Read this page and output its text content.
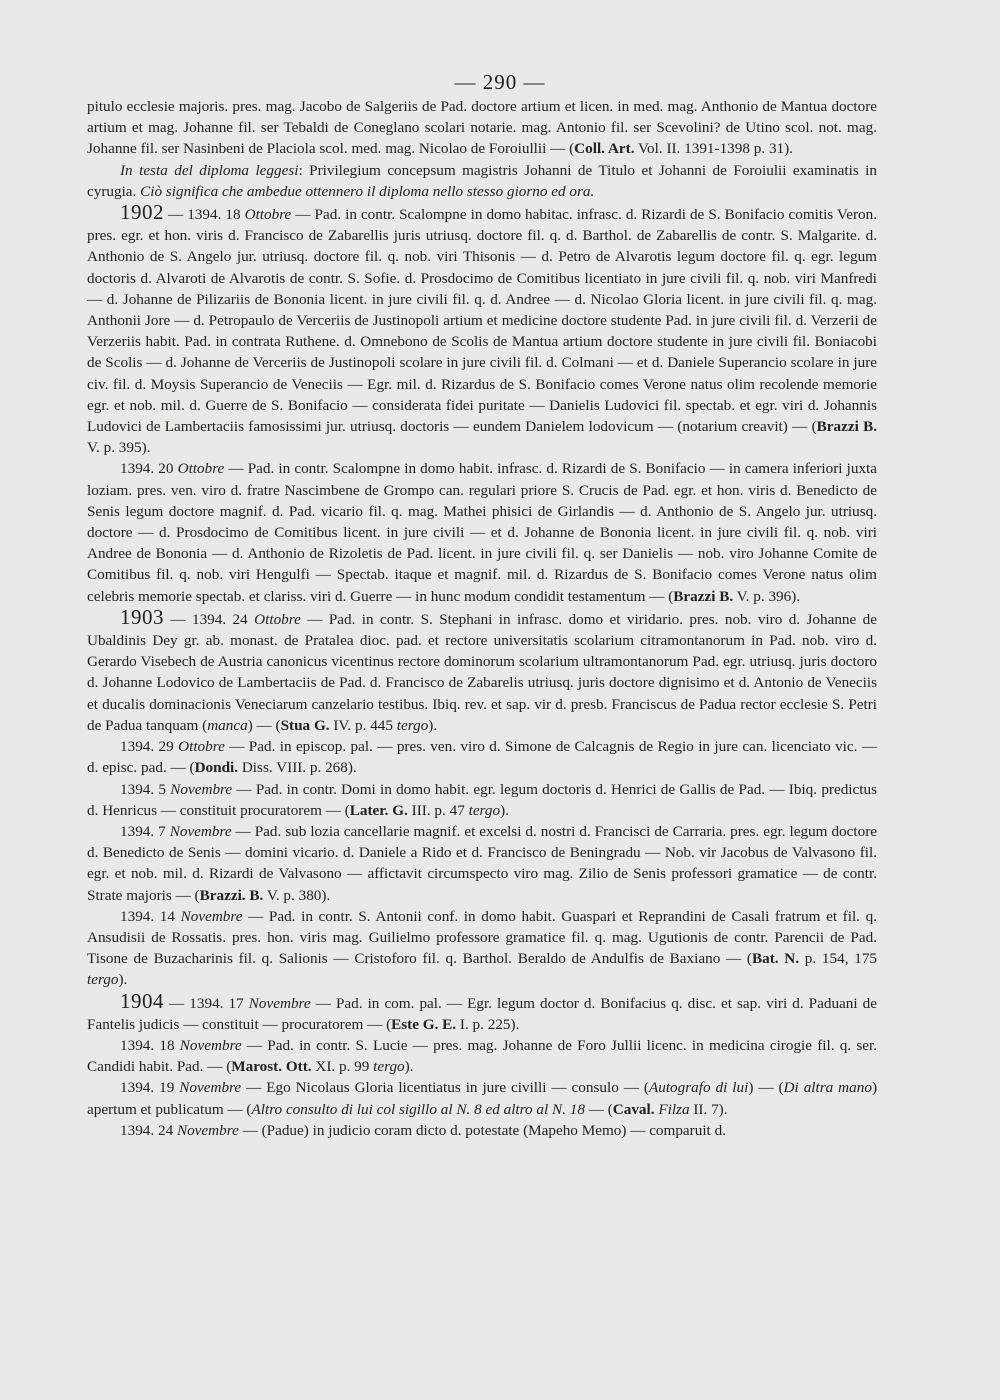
— 290 —

pitulo ecclesie majoris. pres. mag. Jacobo de Salgeriis de Pad. doctore artium et licen. in med. mag. Anthonio de Mantua doctore artium et mag. Johanne fil. ser Tebaldi de Coneglano scolari notarie. mag. Antonio fil. ser Scevolini? de Utino scol. not. mag. Johanne fil. ser Nasinbeni de Placiola scol. med. mag. Nicolao de Foroiullii — (Coll. Art. Vol. II. 1391-1398 p. 31).

In testa del diploma leggesi: Privilegium concepsum magistris Johanni de Titulo et Johanni de Foroiulii examinatis in cyrugia. Ciò significa che ambedue ottennero il diploma nello stesso giorno ed ora.

1902 — 1394. 18 Ottobre — Pad. in contr. Scalompne in domo habitac. infrasc. d. Rizardi de S. Bonifacio comitis Veron. pres. egr. et hon. viris d. Francisco de Zabarellis juris utriusq. doctore fil. q. d. Barthol. de Zabarellis de contr. S. Malgarite. d. Anthonio de S. Angelo jur. utriusq. doctore fil. q. nob. viri Thisonis — d. Petro de Alvarotis legum doctore fil. q. egr. legum doctoris d. Alvaroti de Alvarotis de contr. S. Sofie. d. Prosdocimo de Comitibus licentiato in jure civili fil. q. nob. viri Manfredi — d. Johanne de Pilizariis de Bononia licent. in jure civili fil. q. d. Andree — d. Nicolao Gloria licent. in jure civili fil. q. mag. Anthonii Jore — d. Petropaulo de Verceriis de Justinopoli artium et medicine doctore studente Pad. in jure civili fil. d. Verzerii de Verzeriis habit. Pad. in contrata Ruthene. d. Omnebono de Scolis de Mantua artium doctore studente in jure civili fil. Boniacobi de Scolis — d. Johanne de Verceriis de Justinopoli scolare in jure civili fil. d. Colmani — et d. Daniele Superancio scolare in jure civ. fil. d. Moysis Superancio de Veneciis — Egr. mil. d. Rizardus de S. Bonifacio comes Verone natus olim recolende memorie egr. et nob. mil. d. Guerre de S. Bonifacio — considerata fidei puritate — Danielis Ludovici fil. spectab. et egr. viri d. Johannis Ludovici de Lambertaciis famosissimi jur. utriusq. doctoris — eundem Danielem lodovicum — (notarium creavit) — (Brazzi B. V. p. 395).

1394. 20 Ottobre — Pad. in contr. Scalompne in domo habit. infrasc. d. Rizardi de S. Bonifacio — in camera inferiori juxta loziam. pres. ven. viro d. fratre Nascimbene de Grompo can. regulari priore S. Crucis de Pad. egr. et hon. viris d. Benedicto de Senis legum doctore magnif. d. Pad. vicario fil. q. mag. Mathei phisici de Girlandis — d. Anthonio de S. Angelo jur. utriusq. doctore — d. Prosdocimo de Comitibus licent. in jure civili — et d. Johanne de Bononia licent. in jure civili fil. q. nob. viri Andree de Bononia — d. Anthonio de Rizoletis de Pad. licent. in jure civili fil. q. ser Danielis — nob. viro Johanne Comite de Comitibus fil. q. nob. viri Hengulfi — Spectab. itaque et magnif. mil. d. Rizardus de S. Bonifacio comes Verone natus olim celebris memorie spectab. et clariss. viri d. Guerre — in hunc modum condidit testamentum — (Brazzi B. V. p. 396).

1903 — 1394. 24 Ottobre — Pad. in contr. S. Stephani in infrasc. domo et viridario. pres. nob. viro d. Johanne de Ubaldinis Dey gr. ab. monast. de Pratalea dioc. pad. et rectore universitatis scolarium citramontanorum in Pad. nob. viro d. Gerardo Visebech de Austria canonicus vicentinus rectore dominorum scolarium ultramontanorum Pad. egr. utriusq. juris doctoro d. Johanne Lodovico de Lambertaciis de Pad. d. Francisco de Zabarelis utriusq. juris doctore dignisimo et d. Antonio de Veneciis et ducalis dominacionis Veneciarum canzelario testibus. Ibiq. rev. et sap. vir d. presb. Franciscus de Padua rector ecclesie S. Petri de Padua tanquam (manca) — (Stua G. IV. p. 445 tergo).

1394. 29 Ottobre — Pad. in episcop. pal. — pres. ven. viro d. Simone de Calcagnis de Regio in jure can. licenciato vic. — d. episc. pad. — (Dondi. Diss. VIII. p. 268).

1394. 5 Novembre — Pad. in contr. Domi in domo habit. egr. legum doctoris d. Henrici de Gallis de Pad. — Ibiq. predictus d. Henricus — constituit procuratorem — (Later. G. III. p. 47 tergo).

1394. 7 Novembre — Pad. sub lozia cancellarie magnif. et excelsi d. nostri d. Francisci de Carraria. pres. egr. legum doctore d. Benedicto de Senis — domini vicario. d. Daniele a Rido et d. Francisco de Beningradu — Nob. vir Jacobus de Valvasono fil. egr. et nob. mil. d. Rizardi de Valvasono — affictavit circumspecto viro mag. Zilio de Senis professori gramatice — de contr. Strate majoris — (Brazzi. B. V. p. 380).

1394. 14 Novembre — Pad. in contr. S. Antonii conf. in domo habit. Guaspari et Reprandini de Casali fratrum et fil. q. Ansudisii de Rossatis. pres. hon. viris mag. Guilielmo professore gramatice fil. q. mag. Ugutionis de contr. Parencii de Pad. Tisone de Buzacharinis fil. q. Salionis — Cristoforo fil. q. Barthol. Beraldo de Andulfis de Baxiano — (Bat. N. p. 154, 175 tergo).

1904 — 1394. 17 Novembre — Pad. in com. pal. — Egr. legum doctor d. Bonifacius q. disc. et sap. viri d. Paduani de Fantelis judicis — constituit — procuratorem — (Este G. E. I. p. 225).

1394. 18 Novembre — Pad. in contr. S. Lucie — pres. mag. Johanne de Foro Jullii licenc. in medicina cirogie fil. q. ser. Candidi habit. Pad. — (Marost. Ott. XI. p. 99 tergo).

1394. 19 Novembre — Ego Nicolaus Gloria licentiatus in jure civilli — consulo — (Autografo di lui) — (Di altra mano) apertum et publicatum — (Altro consulto di lui col sigillo al N. 8 ed altro al N. 18 — (Caval. Filza II. 7).

1394. 24 Novembre — (Padue) in judicio coram dicto d. potestate (Mapeho Memo) — comparuit d.
